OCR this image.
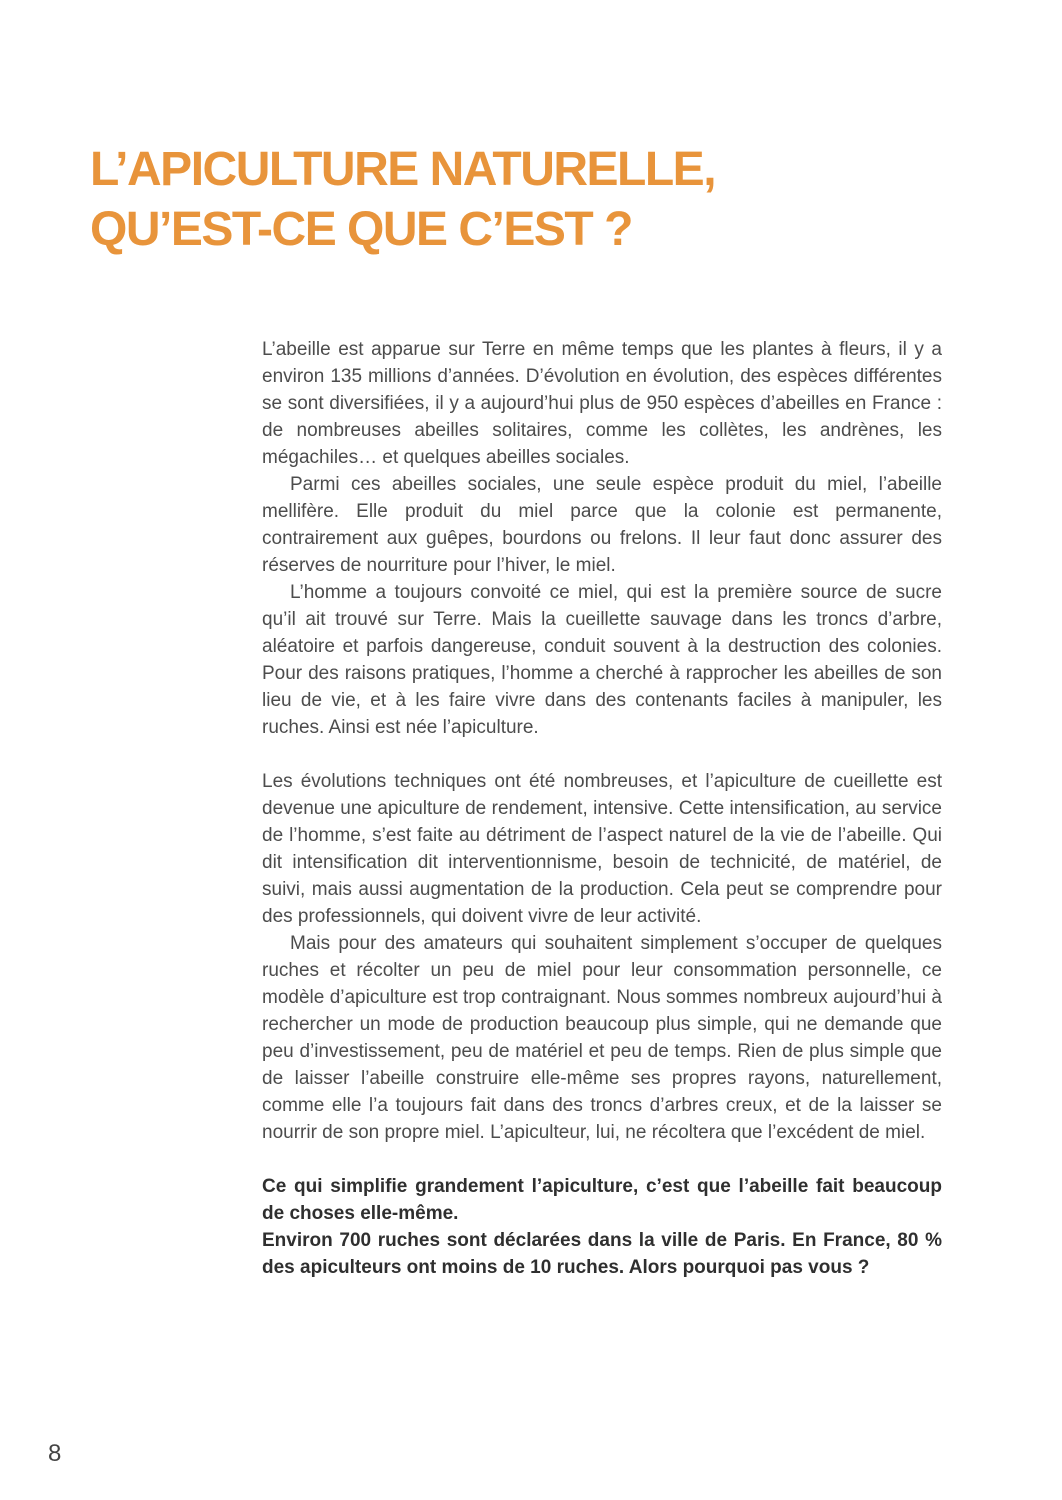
L’APICULTURE NATURELLE,
QU’EST-CE QUE C’EST ?

L’abeille est apparue sur Terre en même temps que les plantes à fleurs, il y a environ 135 millions d’années. D’évolution en évolution, des espèces différentes se sont diversifiées, il y a aujourd’hui plus de 950 espèces d’abeilles en France : de nombreuses abeilles solitaires, comme les collètes, les andrènes, les mégachiles… et quelques abeilles sociales.

Parmi ces abeilles sociales, une seule espèce produit du miel, l’abeille mellifère. Elle produit du miel parce que la colonie est permanente, contrairement aux guêpes, bourdons ou frelons. Il leur faut donc assurer des réserves de nourriture pour l’hiver, le miel.

L’homme a toujours convoité ce miel, qui est la première source de sucre qu’il ait trouvé sur Terre. Mais la cueillette sauvage dans les troncs d’arbre, aléatoire et parfois dangereuse, conduit souvent à la destruction des colonies. Pour des raisons pratiques, l’homme a cherché à rapprocher les abeilles de son lieu de vie, et à les faire vivre dans des contenants faciles à manipuler, les ruches. Ainsi est née l’apiculture.

Les évolutions techniques ont été nombreuses, et l’apiculture de cueillette est devenue une apiculture de rendement, intensive. Cette intensification, au service de l’homme, s’est faite au détriment de l’aspect naturel de la vie de l’abeille. Qui dit intensification dit interventionnisme, besoin de technicité, de matériel, de suivi, mais aussi augmentation de la production. Cela peut se comprendre pour des professionnels, qui doivent vivre de leur activité.

Mais pour des amateurs qui souhaitent simplement s’occuper de quelques ruches et récolter un peu de miel pour leur consommation personnelle, ce modèle d’apiculture est trop contraignant. Nous sommes nombreux aujourd’hui à rechercher un mode de production beaucoup plus simple, qui ne demande que peu d’investissement, peu de matériel et peu de temps. Rien de plus simple que de laisser l’abeille construire elle-même ses propres rayons, naturellement, comme elle l’a toujours fait dans des troncs d’arbres creux, et de la laisser se nourrir de son propre miel. L’apiculteur, lui, ne récoltera que l’excédent de miel.

Ce qui simplifie grandement l’apiculture, c’est que l’abeille fait beaucoup de choses elle-même.

Environ 700 ruches sont déclarées dans la ville de Paris. En France, 80 % des apiculteurs ont moins de 10 ruches. Alors pourquoi pas vous ?

8
